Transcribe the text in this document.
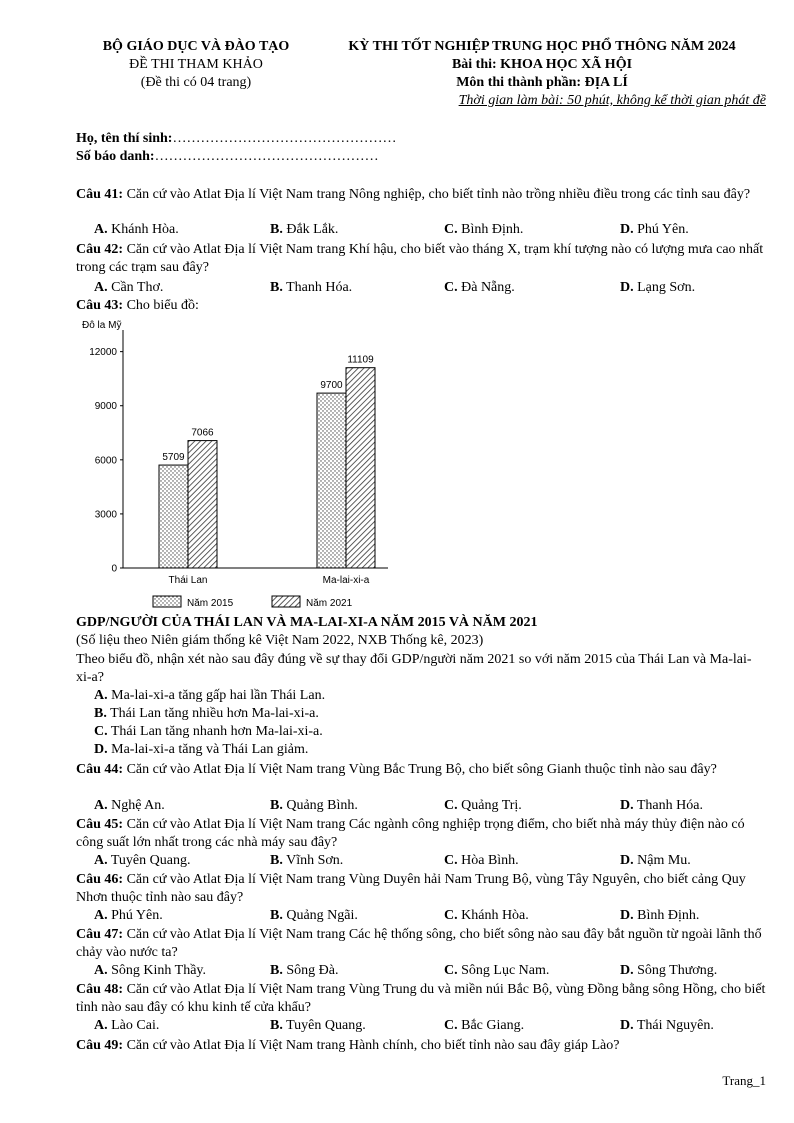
BỘ GIÁO DỤC VÀ ĐÀO TẠO
ĐỀ THI THAM KHẢO
(Đề thi có 04 trang)
KỲ THI TỐT NGHIỆP TRUNG HỌC PHỔ THÔNG NĂM 2024
Bài thi: KHOA HỌC XÃ HỘI
Môn thi thành phần: ĐỊA LÍ
Thời gian làm bài: 50 phút, không kể thời gian phát đề
Họ, tên thí sinh:…………………………………………
Số báo danh:…………………………………………
Câu 41: Căn cứ vào Atlat Địa lí Việt Nam trang Nông nghiệp, cho biết tỉnh nào trồng nhiều điều trong các tỉnh sau đây?
A. Khánh Hòa.	B. Đắk Lắk.	C. Bình Định.	D. Phú Yên.
Câu 42: Căn cứ vào Atlat Địa lí Việt Nam trang Khí hậu, cho biết vào tháng X, trạm khí tượng nào có lượng mưa cao nhất trong các trạm sau đây?
A. Cần Thơ.	B. Thanh Hóa.	C. Đà Nẵng.	D. Lạng Sơn.
Câu 43: Cho biểu đồ:
Đô la Mỹ
0
3000
6000
9000
12000
5709
7066
9700
11109
Thái Lan	Ma-lai-xi-a
Năm 2015	Năm 2021
GDP/NGƯỜI CỦA THÁI LAN VÀ MA-LAI-XI-A NĂM 2015 VÀ NĂM 2021
(Số liệu theo Niên giám thống kê Việt Nam 2022, NXB Thống kê, 2023)
Theo biểu đồ, nhận xét nào sau đây đúng về sự thay đổi GDP/người năm 2021 so với năm 2015 của Thái Lan và Ma-lai-xi-a?
A. Ma-lai-xi-a tăng gấp hai lần Thái Lan.
B. Thái Lan tăng nhiều hơn Ma-lai-xi-a.
C. Thái Lan tăng nhanh hơn Ma-lai-xi-a.
D. Ma-lai-xi-a tăng và Thái Lan giảm.
Câu 44: Căn cứ vào Atlat Địa lí Việt Nam trang Vùng Bắc Trung Bộ, cho biết sông Gianh thuộc tỉnh nào sau đây?
A. Nghệ An.	B. Quảng Bình.	C. Quảng Trị.	D. Thanh Hóa.
Câu 45: Căn cứ vào Atlat Địa lí Việt Nam trang Các ngành công nghiệp trọng điểm, cho biết nhà máy thủy điện nào có công suất lớn nhất trong các nhà máy sau đây?
A. Tuyên Quang.	B. Vĩnh Sơn.	C. Hòa Bình.	D. Nậm Mu.
Câu 46: Căn cứ vào Atlat Địa lí Việt Nam trang Vùng Duyên hải Nam Trung Bộ, vùng Tây Nguyên, cho biết cảng Quy Nhơn thuộc tỉnh nào sau đây?
A. Phú Yên.	B. Quảng Ngãi.	C. Khánh Hòa.	D. Bình Định.
Câu 47: Căn cứ vào Atlat Địa lí Việt Nam trang Các hệ thống sông, cho biết sông nào sau đây bắt nguồn từ ngoài lãnh thổ chảy vào nước ta?
A. Sông Kinh Thầy.	B. Sông Đà.	C. Sông Lục Nam.	D. Sông Thương.
Câu 48: Căn cứ vào Atlat Địa lí Việt Nam trang Vùng Trung du và miền núi Bắc Bộ, vùng Đồng bằng sông Hồng, cho biết tỉnh nào sau đây có khu kinh tế cửa khẩu?
A. Lào Cai.	B. Tuyên Quang.	C. Bắc Giang.	D. Thái Nguyên.
Câu 49: Căn cứ vào Atlat Địa lí Việt Nam trang Hành chính, cho biết tỉnh nào sau đây giáp Lào?
Trang_1
